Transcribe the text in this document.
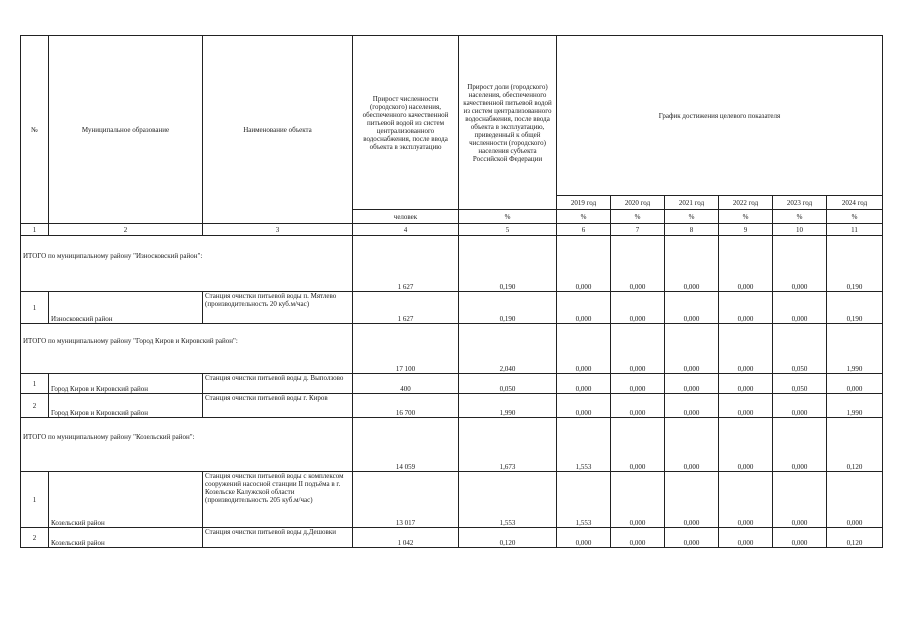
№	Муниципальное образование	Наименование объекта	Прирост численности (городского) населения, обеспеченного качественной питьевой водой из систем централизованного водоснабжения, после ввода объекта в эксплуатацию	Прирост доли (городского) населения, обеспеченного качественной питьевой водой из систем централизованного водоснабжения, после ввода объекта в эксплуатацию, приведенный к общей численности (городского) населения субъекта Российской Федерации	График достижения целевого показателя					
					2019 год	2020 год	2021 год	2022 год	2023 год	2024 год
			человек	%	%	%	%	%	%	%
1	2	3	4	5	6	7	8	9	10	11
ИТОГО по муниципальному району "Износковский район":			1 627	0,190	0,000	0,000	0,000	0,000	0,000	0,190
1	Износковский район	Станция очистки питьевой воды п. Мятлево (производительность 20 куб.м/час)	1 627	0,190	0,000	0,000	0,000	0,000	0,000	0,190
ИТОГО по муниципальному району "Город Киров и Кировский район":			17 100	2,040	0,000	0,000	0,000	0,000	0,050	1,990
1	Город Киров и Кировский район	Станция очистки питьевой воды д. Выползово	400	0,050	0,000	0,000	0,000	0,000	0,050	0,000
2	Город Киров и Кировский район	Станция очистки питьевой воды г. Киров	16 700	1,990	0,000	0,000	0,000	0,000	0,000	1,990
ИТОГО по муниципальному району "Козельский район":			14 059	1,673	1,553	0,000	0,000	0,000	0,000	0,120
1	Козельский район	Станция очистки питьевой воды с комплексом сооружений насосной станции II подъёма в г. Козельске Калужской области (производительность 205 куб.м/час)	13 017	1,553	1,553	0,000	0,000	0,000	0,000	0,000
2	Козельский район	Станция очистки питьевой воды д.Дешовки	1 042	0,120	0,000	0,000	0,000	0,000	0,000	0,120
